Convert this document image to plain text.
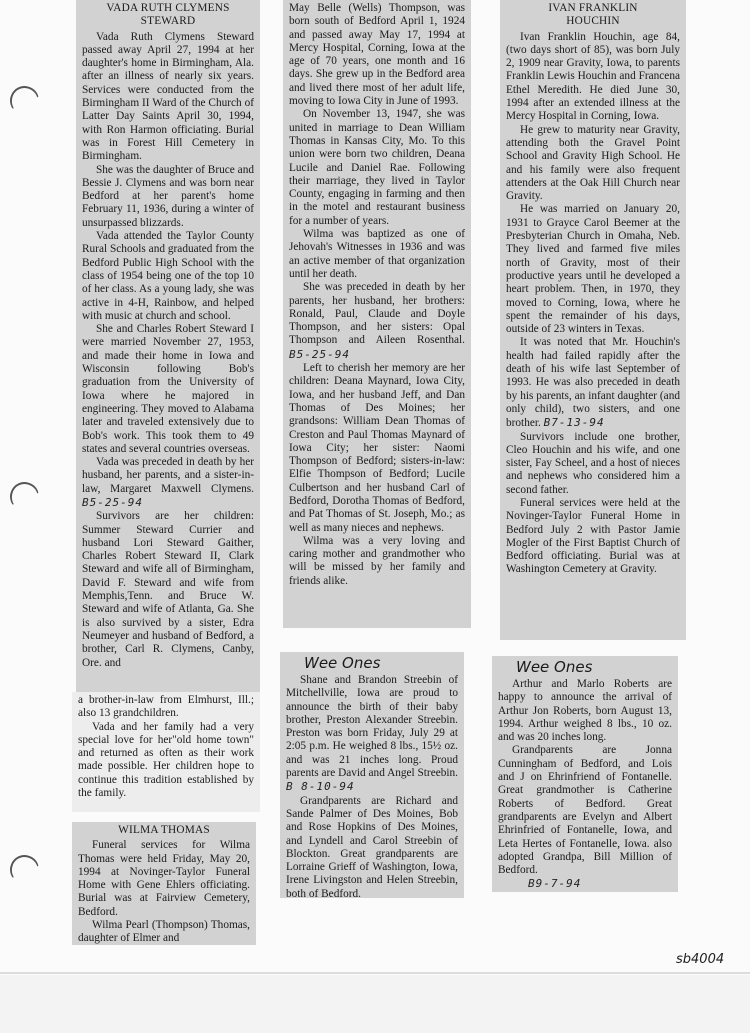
VADA RUTH CLYMENS
STEWARD

Vada Ruth Clymens Steward passed away April 27, 1994 at her daughter's home in Birmingham, Ala. after an illness of nearly six years. Services were conducted from the Birmingham II Ward of the Church of Latter Day Saints April 30, 1994, with Ron Harmon officiating. Burial was in Forest Hill Cemetery in Birmingham.

She was the daughter of Bruce and Bessie J. Clymens and was born near Bedford at her parent's home February 11, 1936, during a winter of unsurpassed blizzards.

Vada attended the Taylor County Rural Schools and graduated from the Bedford Public High School with the class of 1954 being one of the top 10 of her class. As a young lady, she was active in 4-H, Rainbow, and helped with music at church and school.

She and Charles Robert Steward I were married November 27, 1953, and made their home in Iowa and Wisconsin following Bob's graduation from the University of Iowa where he majored in engineering. They moved to Alabama later and traveled extensively due to Bob's work. This took them to 49 states and several countries overseas.

Vada was preceded in death by her husband, her parents, and a sister-in-law, Margaret Maxwell Clymens. B5-25-94

Survivors are her children: Summer Steward Currier and husband Lori Steward Gaither, Charles Robert Steward II, Clark Steward and wife all of Birmingham, David F. Steward and wife from Memphis,Tenn. and Bruce W. Steward and wife of Atlanta, Ga. She is also survived by a sister, Edra Neumeyer and husband of Bedford, a brother, Carl R. Clymens, Canby, Ore. and

a brother-in-law from Elmhurst, Ill.; also 13 grandchildren.

Vada and her family had a very special love for her"old home town" and returned as often as their work made possible. Her children hope to continue this tradition established by the family.

WILMA THOMAS

Funeral services for Wilma Thomas were held Friday, May 20, 1994 at Novinger-Taylor Funeral Home with Gene Ehlers officiating. Burial was at Fairview Cemetery, Bedford.

Wilma Pearl (Thompson) Thomas, daughter of Elmer and

May Belle (Wells) Thompson, was born south of Bedford April 1, 1924 and passed away May 17, 1994 at Mercy Hospital, Corning, Iowa at the age of 70 years, one month and 16 days. She grew up in the Bedford area and lived there most of her adult life, moving to Iowa City in June of 1993.

On November 13, 1947, she was united in marriage to Dean William Thomas in Kansas City, Mo. To this union were born two children, Deana Lucile and Daniel Rae. Following their marriage, they lived in Taylor County, engaging in farming and then in the motel and restaurant business for a number of years.

Wilma was baptized as one of Jehovah's Witnesses in 1936 and was an active member of that organization until her death.

She was preceded in death by her parents, her husband, her brothers: Ronald, Paul, Claude and Doyle Thompson, and her sisters: Opal Thompson and Aileen Rosenthal. B5-25-94

Left to cherish her memory are her children: Deana Maynard, Iowa City, Iowa, and her husband Jeff, and Dan Thomas of Des Moines; her grandsons: William Dean Thomas of Creston and Paul Thomas Maynard of Iowa City; her sister: Naomi Thompson of Bedford; sisters-in-law: Elfie Thompson of Bedford; Lucile Culbertson and her husband Carl of Bedford, Dorotha Thomas of Bedford, and Pat Thomas of St. Joseph, Mo.; as well as many nieces and nephews.

Wilma was a very loving and caring mother and grandmother who will be missed by her family and friends alike.

IVAN FRANKLIN
HOUCHIN

Ivan Franklin Houchin, age 84, (two days short of 85), was born July 2, 1909 near Gravity, Iowa, to parents Franklin Lewis Houchin and Francena Ethel Meredith. He died June 30, 1994 after an extended illness at the Mercy Hospital in Corning, Iowa.

He grew to maturity near Gravity, attending both the Gravel Point School and Gravity High School. He and his family were also frequent attenders at the Oak Hill Church near Gravity.

He was married on January 20, 1931 to Grayce Carol Beemer at the Presbyterian Church in Omaha, Neb. They lived and farmed five miles north of Gravity, most of their productive years until he developed a heart problem. Then, in 1970, they moved to Corning, Iowa, where he spent the remainder of his days, outside of 23 winters in Texas.

It was noted that Mr. Houchin's health had failed rapidly after the death of his wife last September of 1993. He was also preceded in death by his parents, an infant daughter (and only child), two sisters, and one brother. B7-13-94

Survivors include one brother, Cleo Houchin and his wife, and one sister, Fay Scheel, and a host of nieces and nephews who considered him a second father.

Funeral services were held at the Novinger-Taylor Funeral Home in Bedford July 2 with Pastor Jamie Mogler of the First Baptist Church of Bedford officiating. Burial was at Washington Cemetery at Gravity.

Wee Ones

Shane and Brandon Streebin of Mitchellville, Iowa are proud to announce the birth of their baby brother, Preston Alexander Streebin. Preston was born Friday, July 29 at 2:05 p.m. He weighed 8 lbs., 15½ oz. and was 21 inches long. Proud parents are David and Angel Streebin. B 8-10-94

Grandparents are Richard and Sande Palmer of Des Moines, Bob and Rose Hopkins of Des Moines, and Lyndell and Carol Streebin of Blockton. Great grandparents are Lorraine Grieff of Washington, Iowa, Irene Livingston and Helen Streebin, both of Bedford.

Wee Ones

Arthur and Marlo Roberts are happy to announce the arrival of Arthur Jon Roberts, born August 13, 1994. Arthur weighed 8 lbs., 10 oz. and was 20 inches long.

Grandparents are Jonna Cunningham of Bedford, and Lois and J on Ehrinfriend of Fontanelle. Great grandmother is Catherine Roberts of Bedford. Great grandparents are Evelyn and Albert Ehrinfried of Fontanelle, Iowa, and Leta Hertes of Fontanelle, Iowa. also adopted Grandpa, Bill Million of Bedford.

B9-7-94

sb4004
